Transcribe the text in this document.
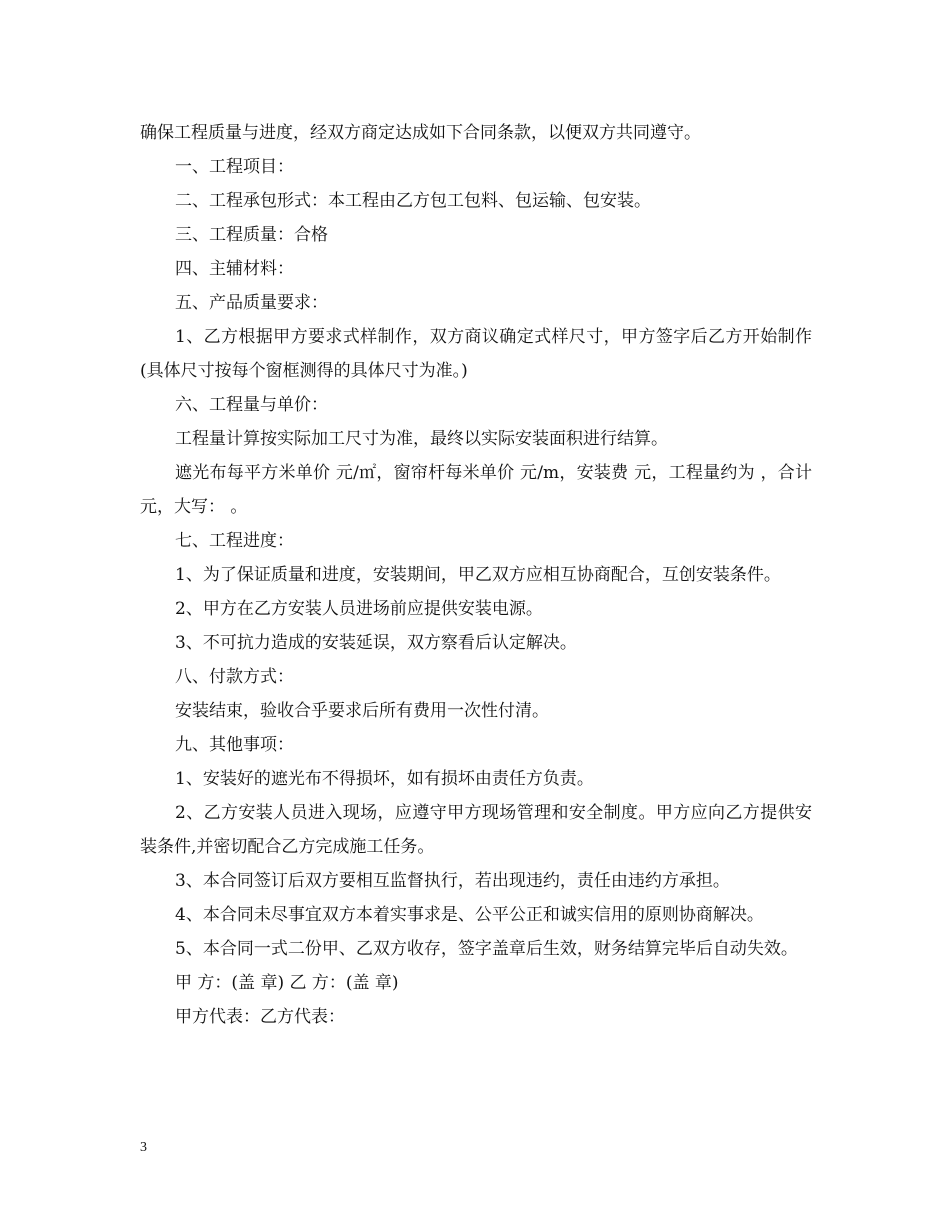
确保工程质量与进度，经双方商定达成如下合同条款，以便双方共同遵守。

一、工程项目：

二、工程承包形式：本工程由乙方包工包料、包运输、包安装。

三、工程质量：合格

四、主辅材料：

五、产品质量要求：

1、乙方根据甲方要求式样制作，双方商议确定式样尺寸，甲方签字后乙方开始制作(具体尺寸按每个窗框测得的具体尺寸为准。)

六、工程量与单价：

工程量计算按实际加工尺寸为准，最终以实际安装面积进行结算。

遮光布每平方米单价 元/㎡，窗帘杆每米单价 元/m，安装费 元，工程量约为 ，合计 元，大写： 。

七、工程进度：

1、为了保证质量和进度，安装期间，甲乙双方应相互协商配合，互创安装条件。

2、甲方在乙方安装人员进场前应提供安装电源。

3、不可抗力造成的安装延误，双方察看后认定解决。

八、付款方式：

安装结束，验收合乎要求后所有费用一次性付清。

九、其他事项：

1、安装好的遮光布不得损坏，如有损坏由责任方负责。

2、乙方安装人员进入现场，应遵守甲方现场管理和安全制度。甲方应向乙方提供安装条件,并密切配合乙方完成施工任务。

3、本合同签订后双方要相互监督执行，若出现违约，责任由违约方承担。

4、本合同未尽事宜双方本着实事求是、公平公正和诚实信用的原则协商解决。

5、本合同一式二份甲、乙双方收存，签字盖章后生效，财务结算完毕后自动失效。

甲 方：(盖 章) 乙 方：(盖 章)

甲方代表：乙方代表：

3
